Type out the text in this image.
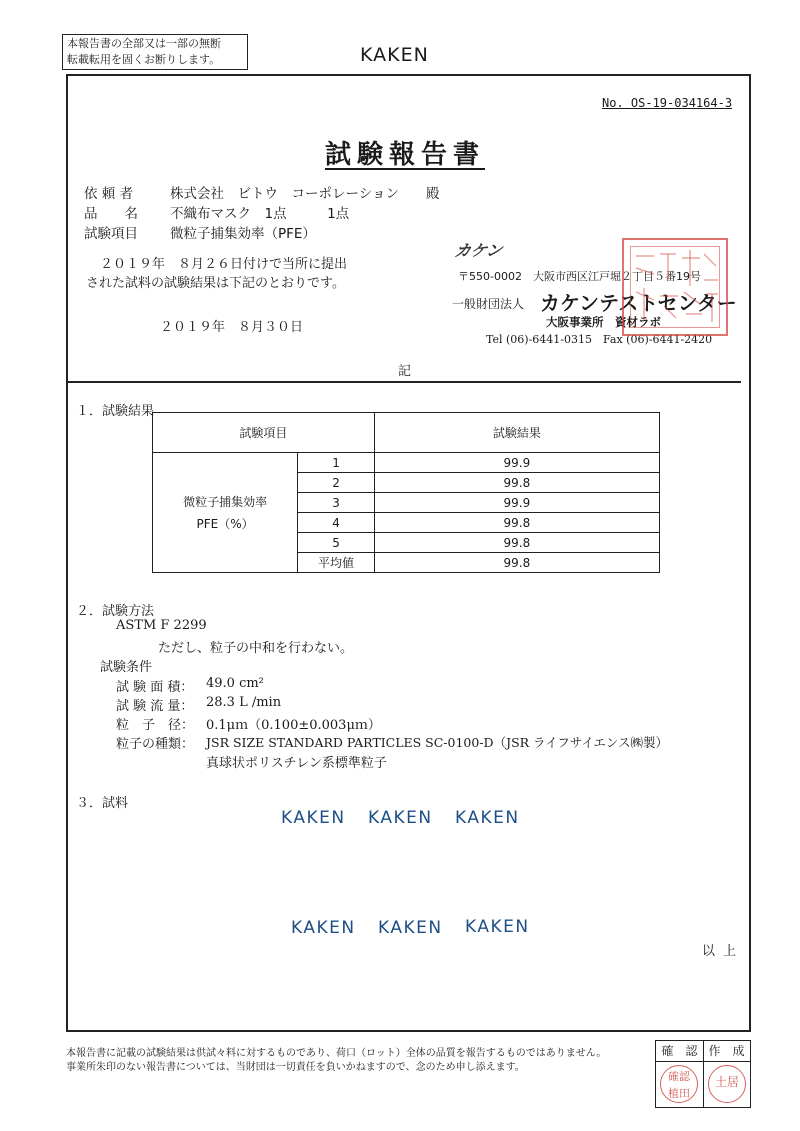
本報告書の全部又は一部の無断
転載転用を固くお断りします。	KAKEN
No. OS-19-034164-3
試験報告書
依 頼 者	株式会社　ビトウ　コーポレーション　　殿
品　　名	不織布マスク　1点　　　1点
試験項目	微粒子捕集効率（PFE）
２０１９年　８月２６日付けで当所に提出
された試料の試験結果は下記のとおりです。
２０１９年　８月３０日
カケン
〒550-0002　大阪市西区江戸堀２丁目５番19号
一般財団法人 カケンテストセンター
大阪事業所　資材ラボ
Tel (06)-6441-0315　Fax (06)-6441-2420
記
１．試験結果
試験項目		試験結果

微粒子捕集効率
PFE（%）	1	99.9
	2	99.8
	3	99.9
	4	99.8
	5	99.8
	平均値	99.8
２．試験方法
ASTM F 2299
ただし、粒子の中和を行わない。
試験条件
試 験 面 積： 49.0 cm²
試 験 流 量： 28.3 L /min
粒　子　径： 0.1μｍ（0.100±0.003μｍ）
粒子の種類： JSR SIZE STANDARD PARTICLES SC-0100-D（JSR ライフサイエンス㈱製）
真球状ポリスチレン系標準粒子
３．試料
KAKEN KAKEN KAKEN
KAKEN KAKEN KAKEN
以上
本報告書に記載の試験結果は供試々料に対するものであり、荷口（ロット）全体の品質を報告するものではありません。
事業所朱印のない報告書については、当財団は一切責任を負いかねますので、念のため申し添えます。
確　認 作　成
確認 植田
土居
